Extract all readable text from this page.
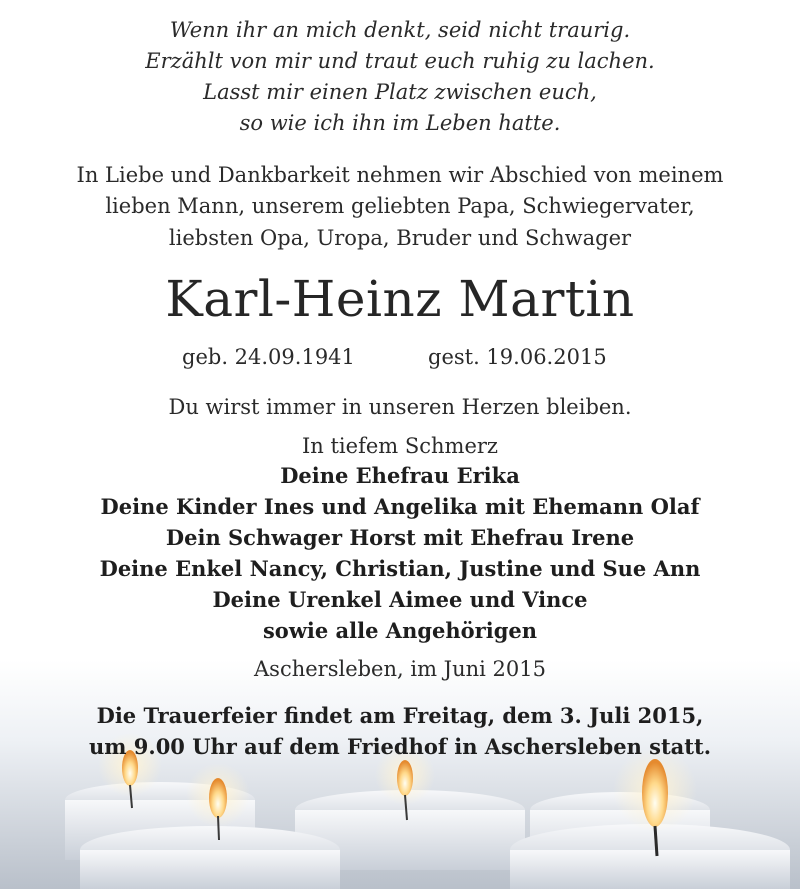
Wenn ihr an mich denkt, seid nicht traurig.
Erzählt von mir und traut euch ruhig zu lachen.
Lasst mir einen Platz zwischen euch,
so wie ich ihn im Leben hatte.
In Liebe und Dankbarkeit nehmen wir Abschied von meinem
lieben Mann, unserem geliebten Papa, Schwiegervater,
liebsten Opa, Uropa, Bruder und Schwager
Karl-Heinz Martin
geb. 24.09.1941	gest. 19.06.2015
Du wirst immer in unseren Herzen bleiben.
In tiefem Schmerz
Deine Ehefrau Erika
Deine Kinder Ines und Angelika mit Ehemann Olaf
Dein Schwager Horst mit Ehefrau Irene
Deine Enkel Nancy, Christian, Justine und Sue Ann
Deine Urenkel Aimee und Vince
sowie alle Angehörigen
Aschersleben, im Juni 2015
Die Trauerfeier findet am Freitag, dem 3. Juli 2015,
um 9.00 Uhr auf dem Friedhof in Aschersleben statt.
